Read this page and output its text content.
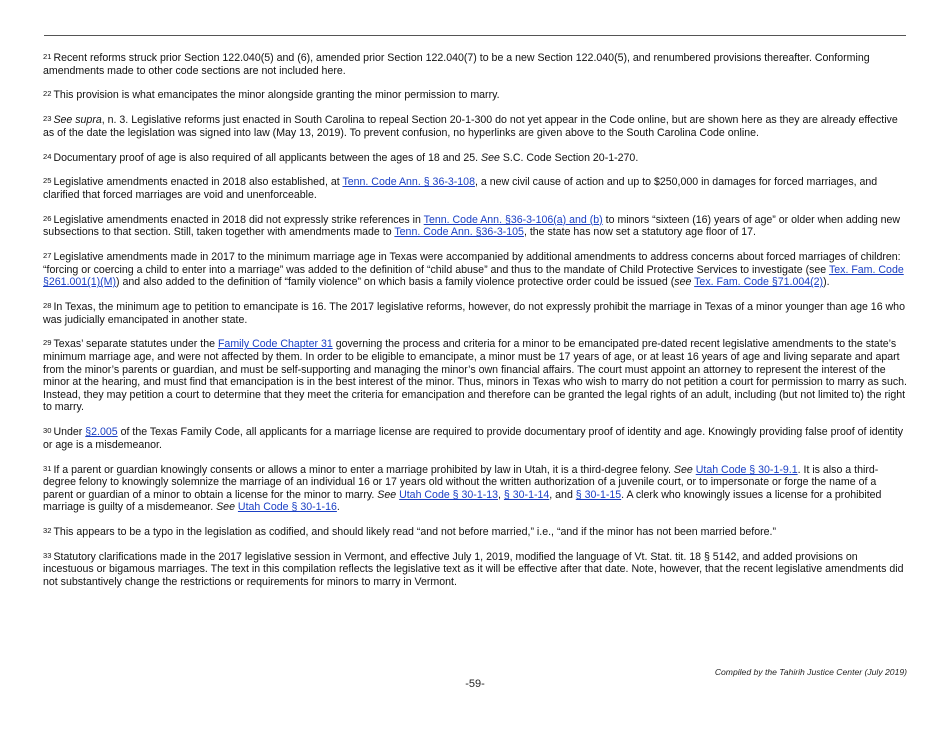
$^{21}$ Recent reforms struck prior Section 122.040(5) and (6), amended prior Section 122.040(7) to be a new Section 122.040(5), and renumbered provisions thereafter. Conforming amendments made to other code sections are not included here.

$^{22}$ This provision is what emancipates the minor alongside granting the minor permission to marry.

$^{23}$ See supra, n. 3. Legislative reforms just enacted in South Carolina to repeal Section 20-1-300 do not yet appear in the Code online, but are shown here as they are already effective as of the date the legislation was signed into law (May 13, 2019). To prevent confusion, no hyperlinks are given above to the South Carolina Code online.

$^{24}$ Documentary proof of age is also required of all applicants between the ages of 18 and 25. See S.C. Code Section 20-1-270.

$^{25}$ Legislative amendments enacted in 2018 also established, at Tenn. Code Ann. § 36-3-108, a new civil cause of action and up to $250,000 in damages for forced marriages, and clarified that forced marriages are void and unenforceable.

$^{26}$ Legislative amendments enacted in 2018 did not expressly strike references in Tenn. Code Ann. §36-3-106(a) and (b) to minors “sixteen (16) years of age” or older when adding new subsections to that section. Still, taken together with amendments made to Tenn. Code Ann. §36-3-105, the state has now set a statutory age floor of 17.

$^{27}$ Legislative amendments made in 2017 to the minimum marriage age in Texas were accompanied by additional amendments to address concerns about forced marriages of children: “forcing or coercing a child to enter into a marriage” was added to the definition of “child abuse” and thus to the mandate of Child Protective Services to investigate (see Tex. Fam. Code §261.001(1)(M)) and also added to the definition of “family violence” on which basis a family violence protective order could be issued (see Tex. Fam. Code §71.004(2)).

$^{28}$ In Texas, the minimum age to petition to emancipate is 16. The 2017 legislative reforms, however, do not expressly prohibit the marriage in Texas of a minor younger than age 16 who was judicially emancipated in another state.

$^{29}$ Texas’ separate statutes under the Family Code Chapter 31 governing the process and criteria for a minor to be emancipated pre-dated recent legislative amendments to the state’s minimum marriage age, and were not affected by them. In order to be eligible to emancipate, a minor must be 17 years of age, or at least 16 years of age and living separate and apart from the minor’s parents or guardian, and must be self-supporting and managing the minor’s own financial affairs. The court must appoint an attorney to represent the interest of the minor at the hearing, and must find that emancipation is in the best interest of the minor. Thus, minors in Texas who wish to marry do not petition a court for permission to marry as such. Instead, they may petition a court to determine that they meet the criteria for emancipation and therefore can be granted the legal rights of an adult, including (but not limited to) the right to marry.

$^{30}$ Under §2.005 of the Texas Family Code, all applicants for a marriage license are required to provide documentary proof of identity and age. Knowingly providing false proof of identity or age is a misdemeanor.

$^{31}$ If a parent or guardian knowingly consents or allows a minor to enter a marriage prohibited by law in Utah, it is a third-degree felony. See Utah Code § 30-1-9.1. It is also a third-degree felony to knowingly solemnize the marriage of an individual 16 or 17 years old without the written authorization of a juvenile court, or to impersonate or forge the name of a parent or guardian of a minor to obtain a license for the minor to marry. See Utah Code § 30-1-13, § 30-1-14, and § 30-1-15. A clerk who knowingly issues a license for a prohibited marriage is guilty of a misdemeanor. See Utah Code § 30-1-16.

$^{32}$ This appears to be a typo in the legislation as codified, and should likely read “and not before married,” i.e., “and if the minor has not been married before.”

$^{33}$ Statutory clarifications made in the 2017 legislative session in Vermont, and effective July 1, 2019, modified the language of Vt. Stat. tit. 18 § 5142, and added provisions on incestuous or bigamous marriages. The text in this compilation reflects the legislative text as it will be effective after that date. Note, however, that the recent legislative amendments did not substantively change the restrictions or requirements for minors to marry in Vermont.

Compiled by the Tahirih Justice Center (July 2019)
-59-
